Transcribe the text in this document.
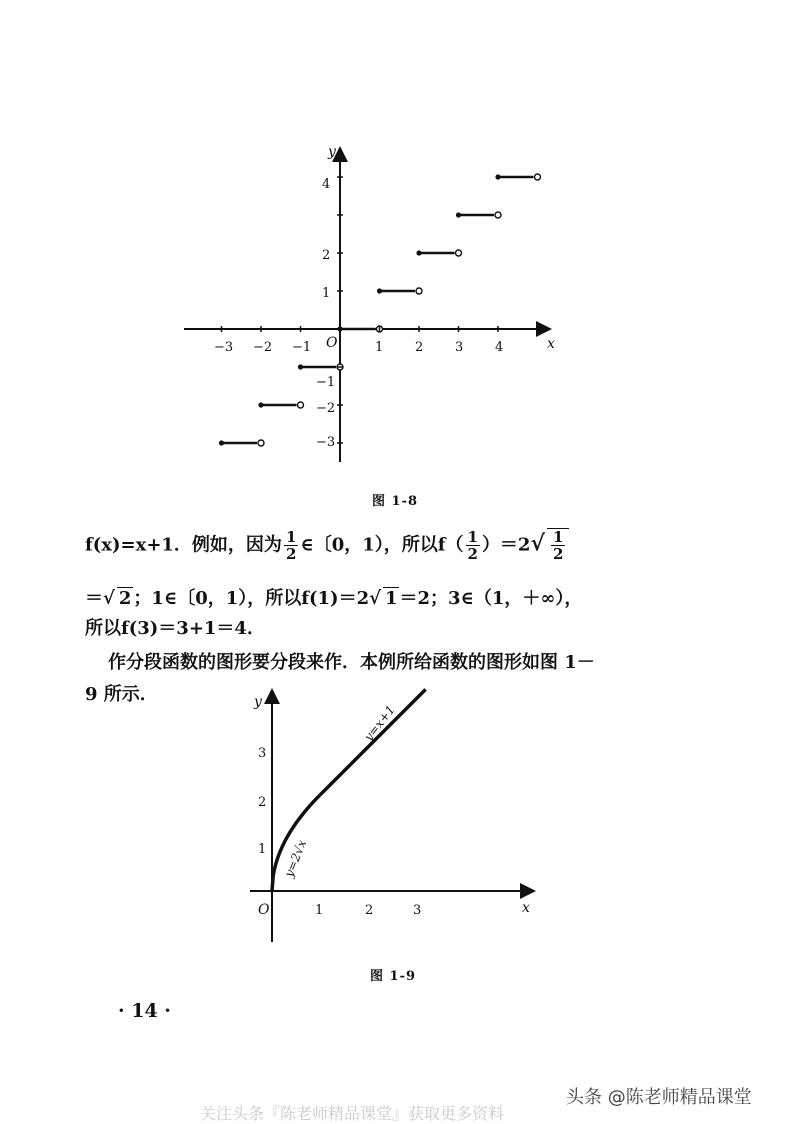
y
x
O
−3 −2 −1	1 2 3 4
1
2
4
−1
−2
−3
图 1-8
f(x)=x+1．例如，因为 $\frac{1}{2}$ ∈〔0，1），所以$f( \frac{1}{2} )=2√ \frac{1}{2}$
＝√ 2 ；1∈〔0，1），所以f(1)＝2√ 1 ＝2；3∈（1，＋∞），
所以f(3)＝3+1＝4．
作分段函数的图形要分段来作．本例所给函数的图形如图 1－
9 所示．	y
x
O	1	2	3
1
2
3
y=x+1
y=2√x
图 1-9
· 14 ·
头条 @陈老师精品课堂
关注头条『陈老师精品课堂』获取更多资料
